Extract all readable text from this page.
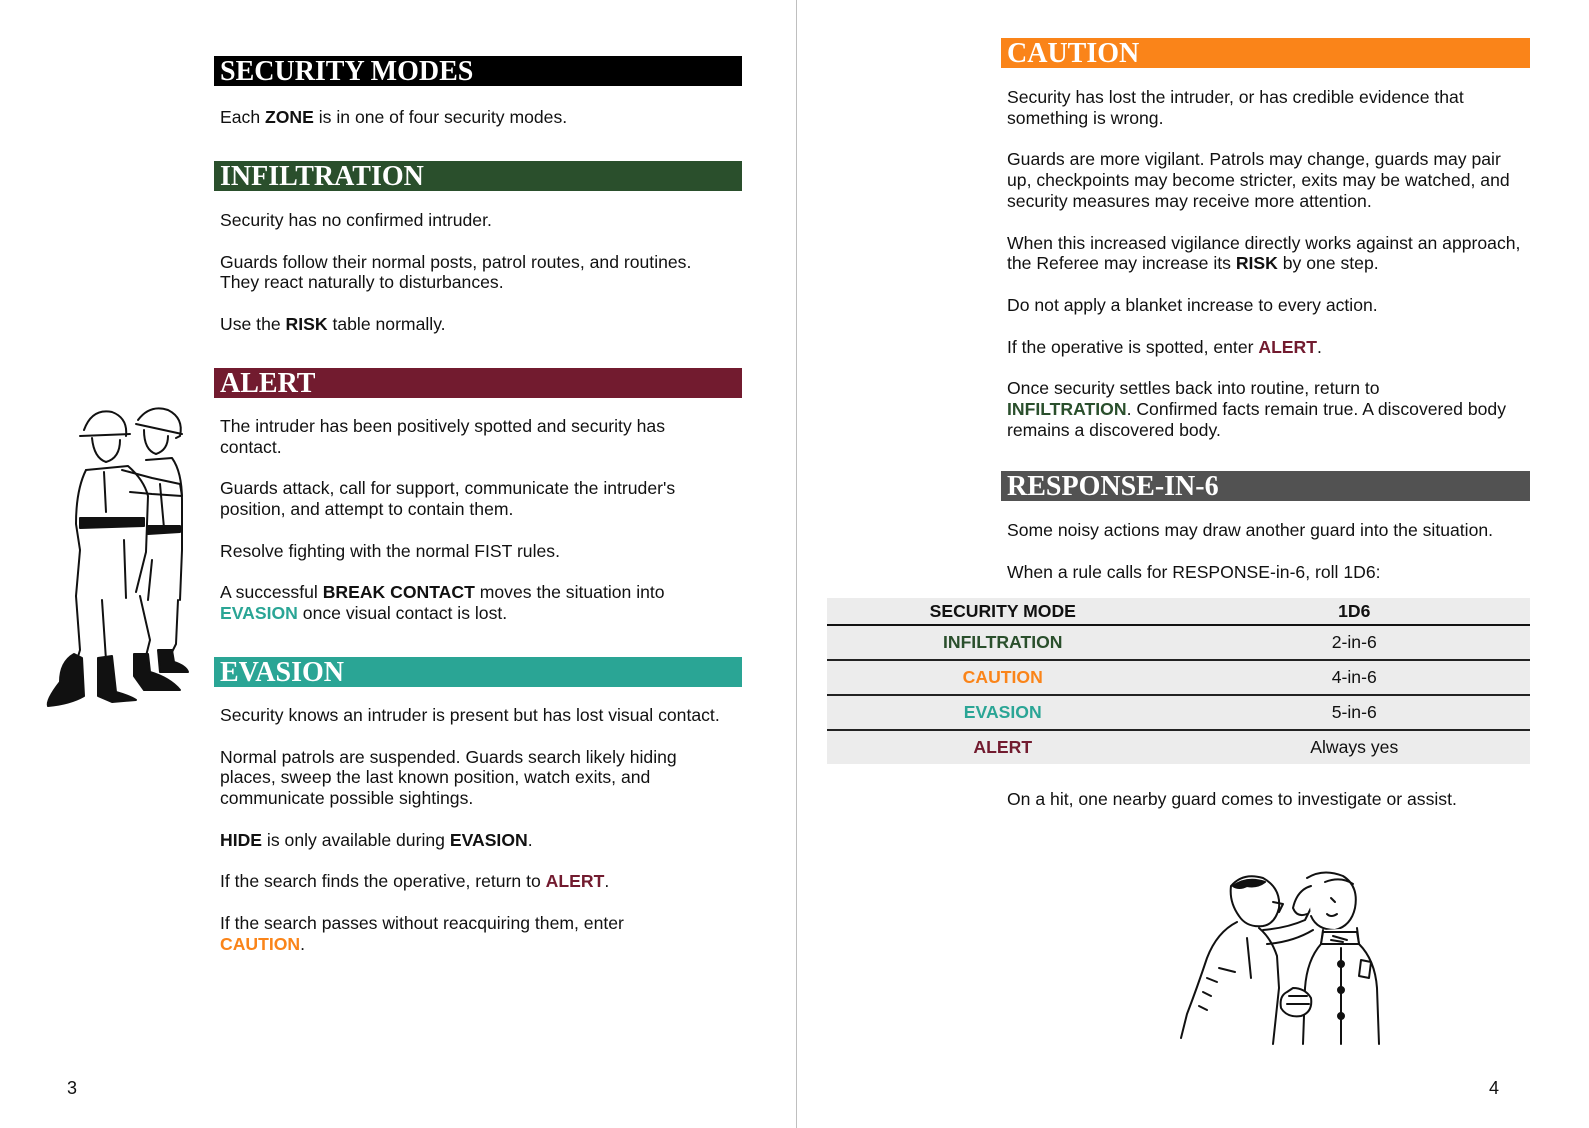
SECURITY MODES

Each ZONE is in one of four security modes.

INFILTRATION

Security has no confirmed intruder.

Guards follow their normal posts, patrol routes, and routines.
They react naturally to disturbances.

Use the RISK table normally.

ALERT

The intruder has been positively spotted and security has contact.

Guards attack, call for support, communicate the intruder's position, and attempt to contain them.

Resolve fighting with the normal FIST rules.

A successful BREAK CONTACT moves the situation into EVASION once visual contact is lost.

EVASION

Security knows an intruder is present but has lost visual contact.

Normal patrols are suspended. Guards search likely hiding places, sweep the last known position, watch exits, and communicate possible sightings.

HIDE is only available during EVASION.

If the search finds the operative, return to ALERT.

If the search passes without reacquiring them, enter
CAUTION.

3
CAUTION

Security has lost the intruder, or has credible evidence that something is wrong.

Guards are more vigilant. Patrols may change, guards may pair up, checkpoints may become stricter, exits may be watched, and security measures may receive more attention.

When this increased vigilance directly works against an approach, the Referee may increase its RISK by one step.

Do not apply a blanket increase to every action.

If the operative is spotted, enter ALERT.

Once security settles back into routine, return to
INFILTRATION. Confirmed facts remain true. A discovered body remains a discovered body.

RESPONSE-IN-6

Some noisy actions may draw another guard into the situation.

When a rule calls for RESPONSE-in-6, roll 1D6:

SECURITY MODE	1D6
INFILTRATION	2-in-6
CAUTION	4-in-6
EVASION	5-in-6
ALERT	Always yes

On a hit, one nearby guard comes to investigate or assist.

4
